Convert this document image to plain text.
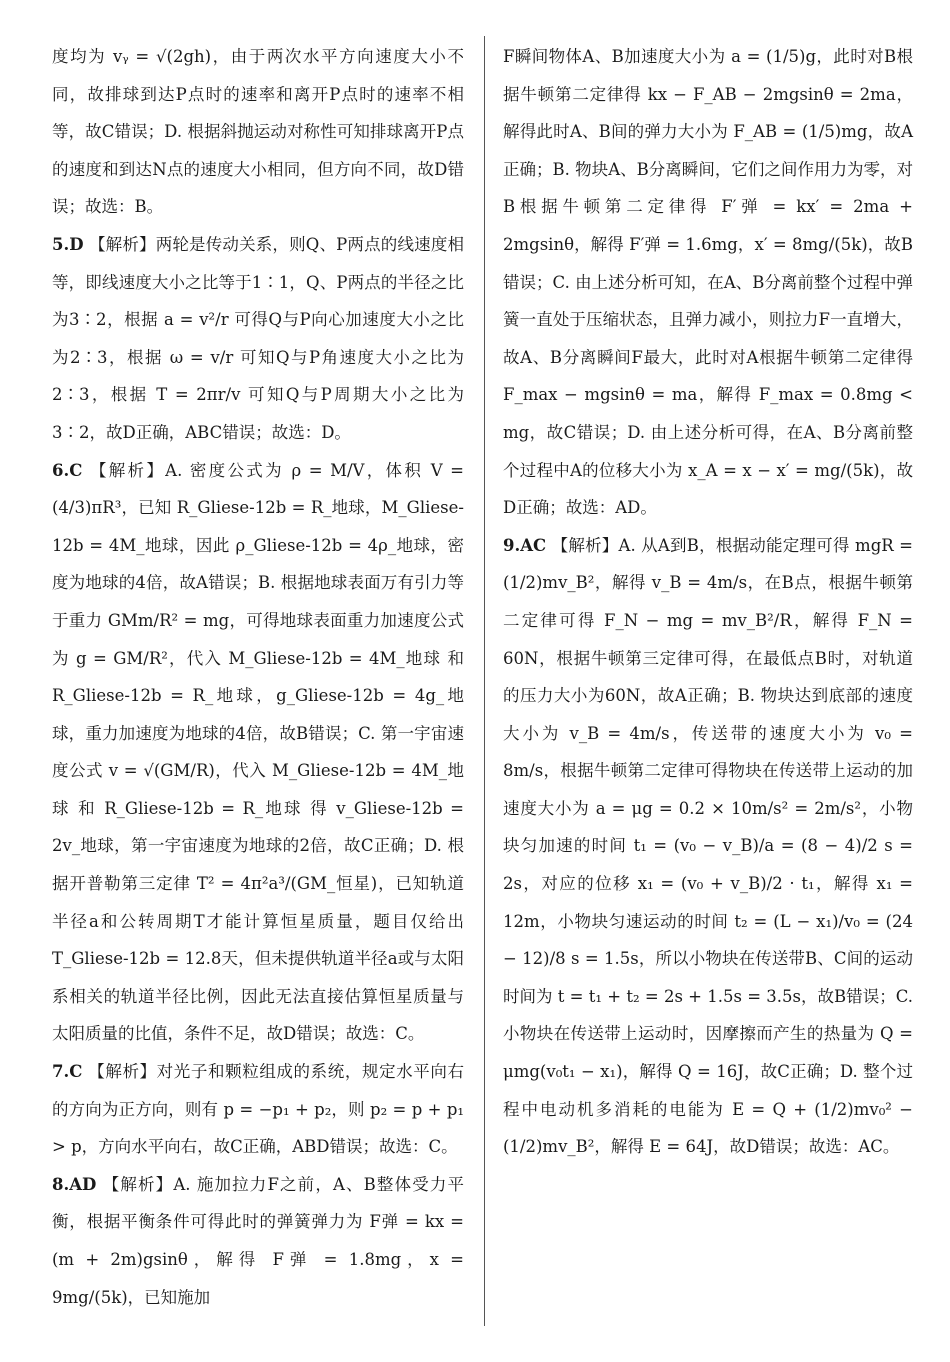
度均为 vᵧ = √(2gh)，由于两次水平方向速度大小不同，故排球到达P点时的速率和离开P点时的速率不相等，故C错误；D. 根据斜抛运动对称性可知排球离开P点的速度和到达N点的速度大小相同，但方向不同，故D错误；故选：B。

5.D 【解析】两轮是传动关系，则Q、P两点的线速度相等，即线速度大小之比等于1∶1，Q、P两点的半径之比为3∶2，根据 a = v²/r 可得Q与P向心加速度大小之比为2∶3，根据 ω = v/r 可知Q与P角速度大小之比为2∶3，根据 T = 2πr/v 可知Q与P周期大小之比为3∶2，故D正确，ABC错误；故选：D。

6.C 【解析】A. 密度公式为 ρ = M/V，体积 V = (4/3)πR³，已知 R_Gliese-12b = R_地球，M_Gliese-12b = 4M_地球，因此 ρ_Gliese-12b = 4ρ_地球，密度为地球的4倍，故A错误；B. 根据地球表面万有引力等于重力 GMm/R² = mg，可得地球表面重力加速度公式为 g = GM/R²，代入 M_Gliese-12b = 4M_地球 和 R_Gliese-12b = R_地球，g_Gliese-12b = 4g_地球，重力加速度为地球的4倍，故B错误；C. 第一宇宙速度公式 v = √(GM/R)，代入 M_Gliese-12b = 4M_地球 和 R_Gliese-12b = R_地球 得 v_Gliese-12b = 2v_地球，第一宇宙速度为地球的2倍，故C正确；D. 根据开普勒第三定律 T² = 4π²a³/(GM_恒星)，已知轨道半径a和公转周期T才能计算恒星质量，题目仅给出 T_Gliese-12b = 12.8天，但未提供轨道半径a或与太阳系相关的轨道半径比例，因此无法直接估算恒星质量与太阳质量的比值，条件不足，故D错误；故选：C。

7.C 【解析】对光子和颗粒组成的系统，规定水平向右的方向为正方向，则有 p = −p₁ + p₂，则 p₂ = p + p₁ > p，方向水平向右，故C正确，ABD错误；故选：C。

8.AD 【解析】A. 施加拉力F之前，A、B整体受力平衡，根据平衡条件可得此时的弹簧弹力为 F弹 = kx = (m + 2m)gsinθ，解得 F弹 = 1.8mg，x = 9mg/(5k)，已知施加

F瞬间物体A、B加速度大小为 a = (1/5)g，此时对B根据牛顿第二定律得 kx − F_AB − 2mgsinθ = 2ma，解得此时A、B间的弹力大小为 F_AB = (1/5)mg，故A正确；B. 物块A、B分离瞬间，它们之间作用力为零，对B根据牛顿第二定律得 F′弹 = kx′ = 2ma + 2mgsinθ，解得 F′弹 = 1.6mg，x′ = 8mg/(5k)，故B错误；C. 由上述分析可知，在A、B分离前整个过程中弹簧一直处于压缩状态，且弹力减小，则拉力F一直增大，故A、B分离瞬间F最大，此时对A根据牛顿第二定律得 F_max − mgsinθ = ma，解得 F_max = 0.8mg < mg，故C错误；D. 由上述分析可得，在A、B分离前整个过程中A的位移大小为 x_A = x − x′ = mg/(5k)，故D正确；故选：AD。

9.AC 【解析】A. 从A到B，根据动能定理可得 mgR = (1/2)mv_B²，解得 v_B = 4m/s，在B点，根据牛顿第二定律可得 F_N − mg = mv_B²/R，解得 F_N = 60N，根据牛顿第三定律可得，在最低点B时，对轨道的压力大小为60N，故A正确；B. 物块达到底部的速度大小为 v_B = 4m/s，传送带的速度大小为 v₀ = 8m/s，根据牛顿第二定律可得物块在传送带上运动的加速度大小为 a = μg = 0.2 × 10m/s² = 2m/s²，小物块匀加速的时间 t₁ = (v₀ − v_B)/a = (8 − 4)/2 s = 2s，对应的位移 x₁ = (v₀ + v_B)/2 · t₁，解得 x₁ = 12m，小物块匀速运动的时间 t₂ = (L − x₁)/v₀ = (24 − 12)/8 s = 1.5s，所以小物块在传送带B、C间的运动时间为 t = t₁ + t₂ = 2s + 1.5s = 3.5s，故B错误；C. 小物块在传送带上运动时，因摩擦而产生的热量为 Q = μmg(v₀t₁ − x₁)，解得 Q = 16J，故C正确；D. 整个过程中电动机多消耗的电能为 E = Q + (1/2)mv₀² − (1/2)mv_B²，解得 E = 64J，故D错误；故选：AC。
